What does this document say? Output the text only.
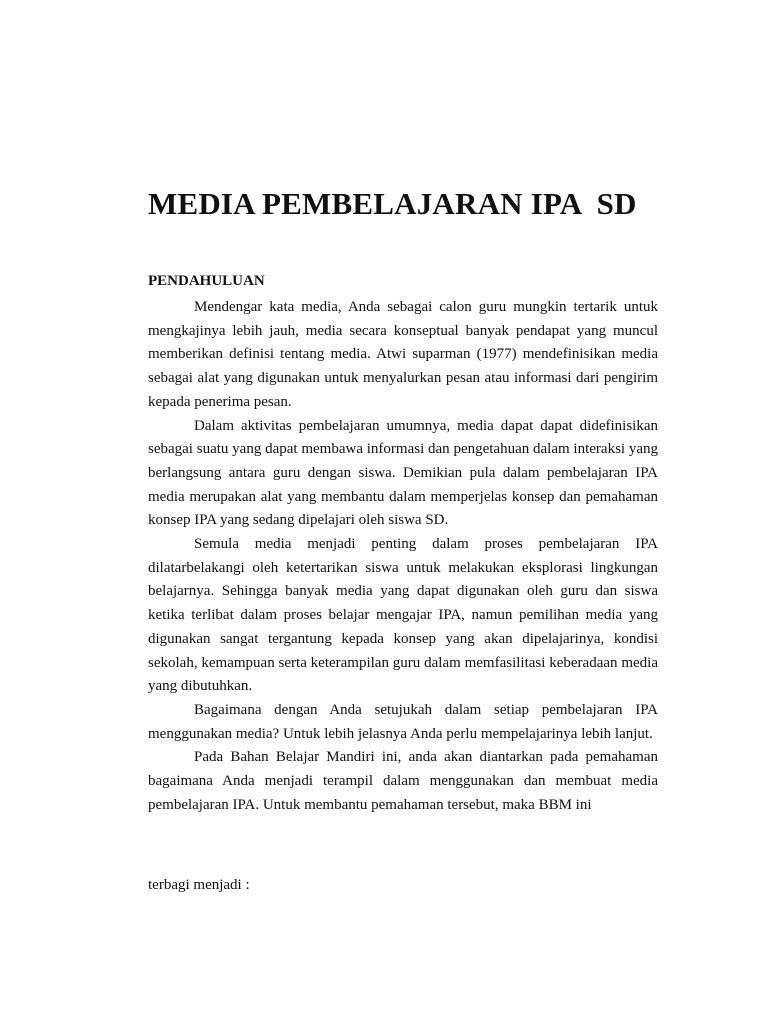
MEDIA PEMBELAJARAN IPA  SD
PENDAHULUAN

Mendengar kata media, Anda sebagai calon guru mungkin tertarik untuk mengkajinya lebih jauh, media secara konseptual banyak pendapat yang muncul memberikan definisi tentang media. Atwi suparman (1977) mendefinisikan media sebagai alat yang digunakan untuk menyalurkan pesan atau informasi dari pengirim kepada penerima pesan.

Dalam aktivitas pembelajaran umumnya, media dapat dapat didefinisikan sebagai suatu yang dapat membawa informasi dan pengetahuan dalam interaksi yang berlangsung antara guru dengan siswa. Demikian pula dalam pembelajaran IPA media merupakan alat yang membantu dalam memperjelas konsep dan pemahaman konsep IPA yang sedang dipelajari oleh siswa SD.

Semula media menjadi penting dalam proses pembelajaran IPA dilatarbelakangi oleh ketertarikan siswa untuk melakukan eksplorasi lingkungan belajarnya. Sehingga banyak media yang dapat digunakan oleh guru dan siswa ketika terlibat dalam proses belajar mengajar IPA, namun pemilihan media yang digunakan sangat tergantung kepada konsep yang akan dipelajarinya, kondisi sekolah, kemampuan serta keterampilan guru dalam memfasilitasi keberadaan media yang dibutuhkan.

Bagaimana dengan Anda setujukah dalam setiap pembelajaran IPA menggunakan media? Untuk lebih jelasnya Anda perlu mempelajarinya lebih lanjut.

Pada Bahan Belajar Mandiri ini, anda akan diantarkan pada pemahaman bagaimana Anda menjadi terampil dalam menggunakan dan membuat media pembelajaran IPA. Untuk membantu pemahaman tersebut, maka BBM ini

terbagi menjadi :
